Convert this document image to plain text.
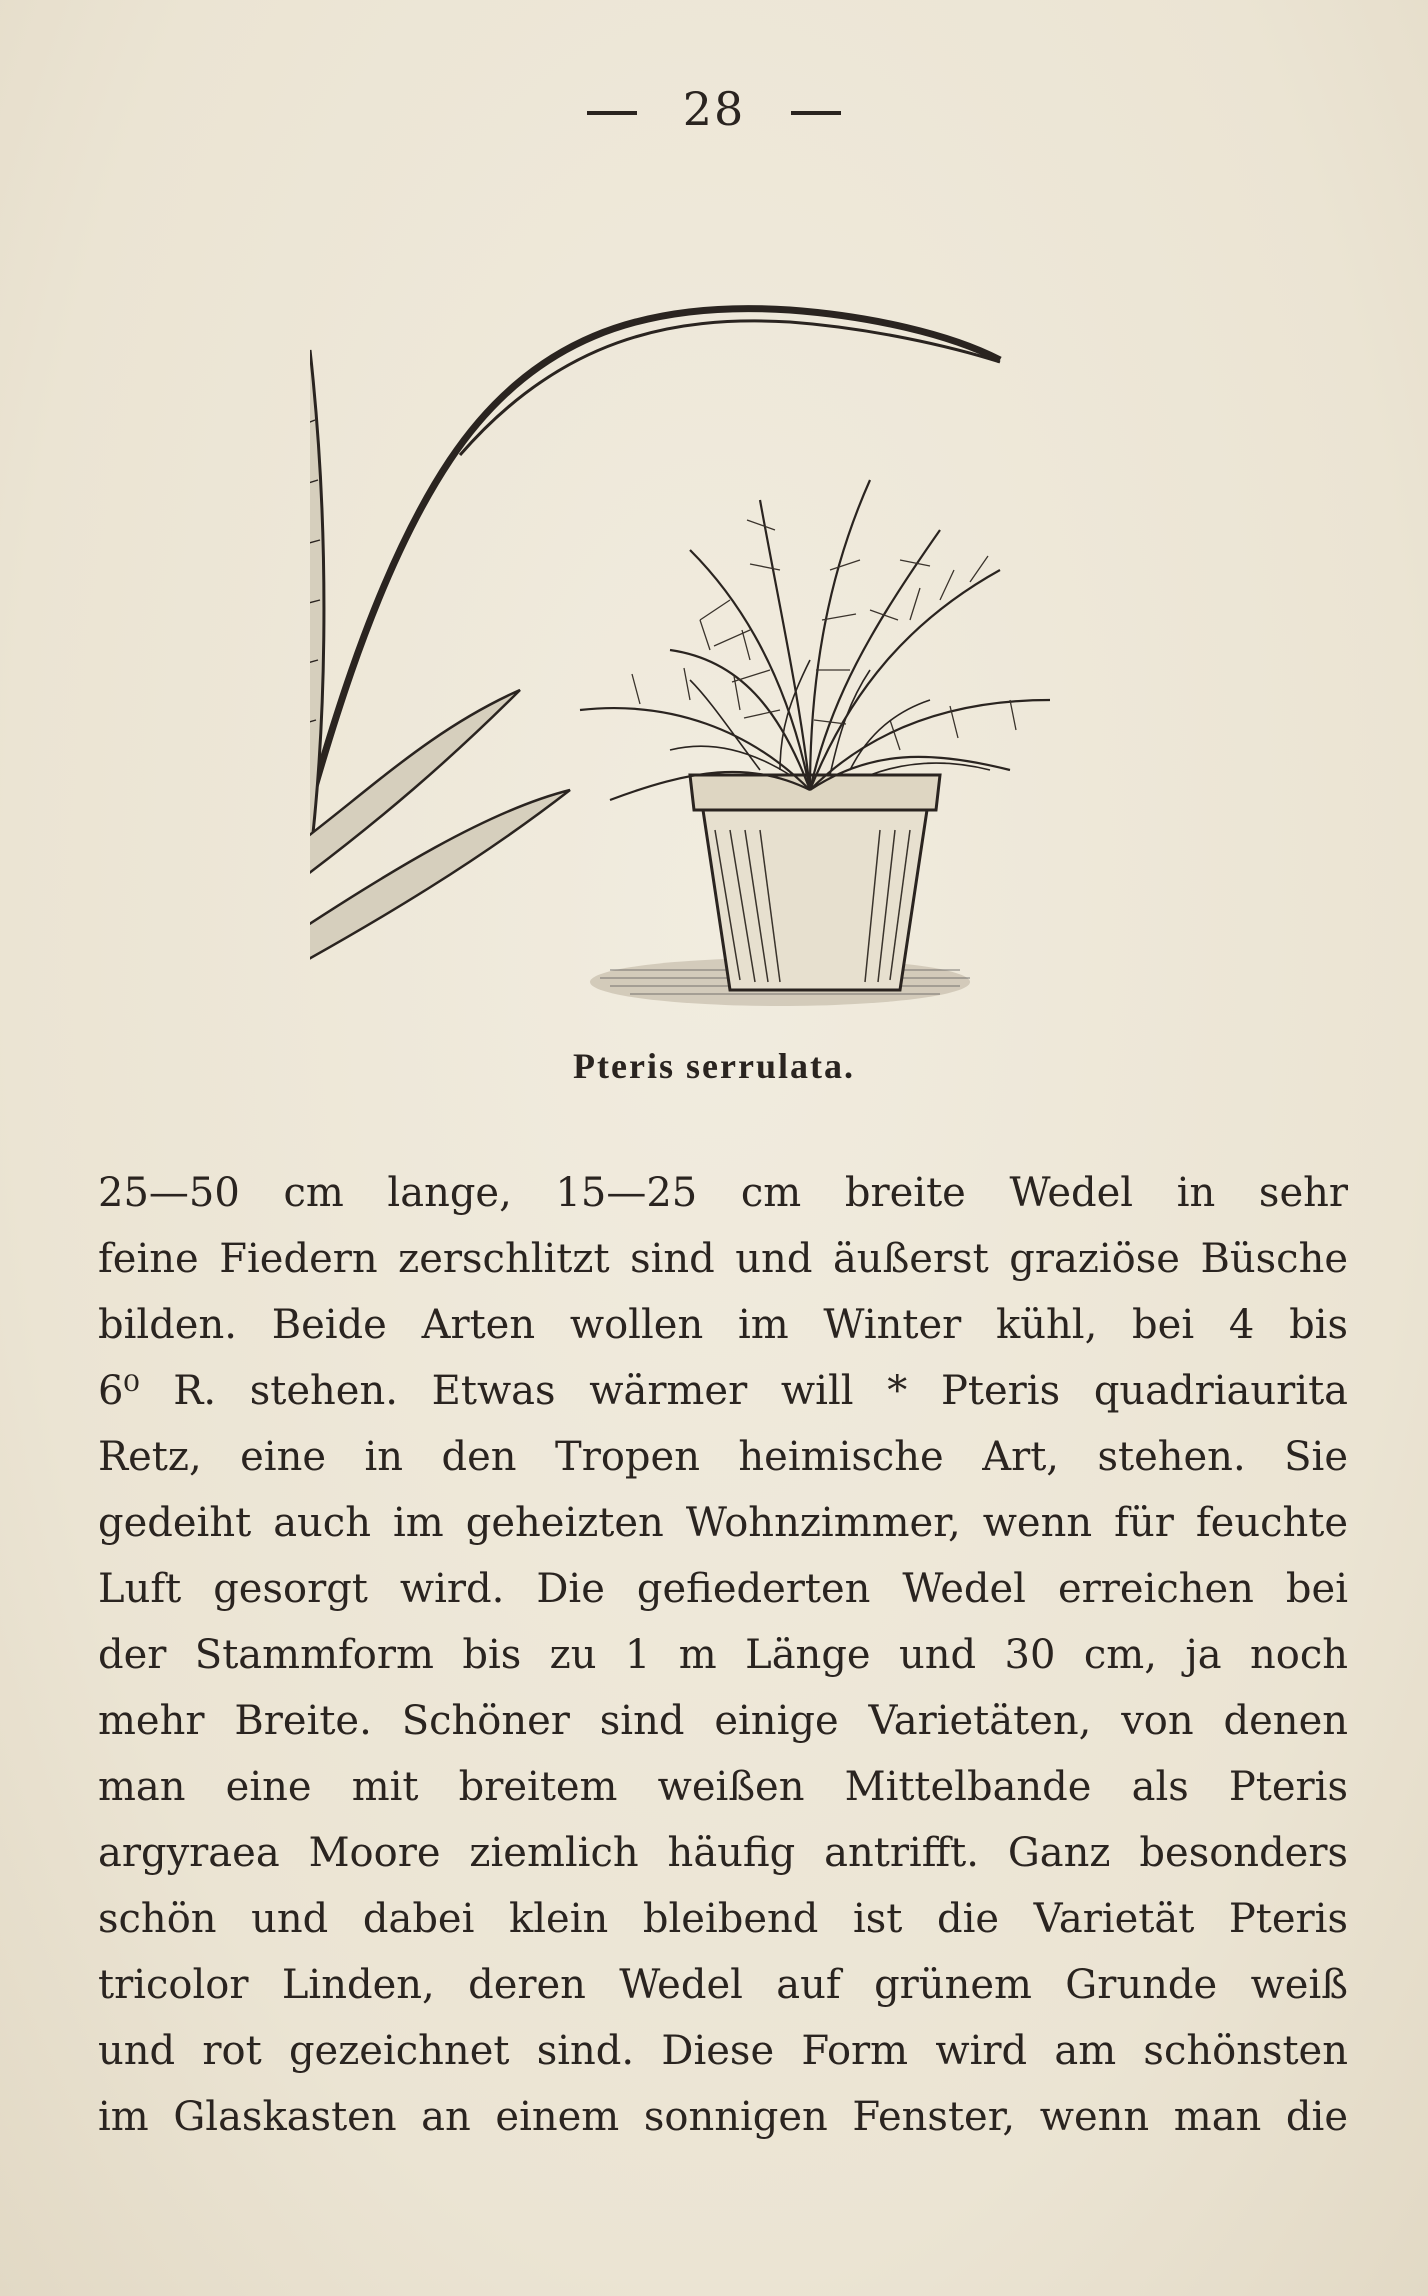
28
Pteris serrulata.
25—50 cm lange, 15—25 cm breite Wedel in sehr
feine Fiedern zerschlitzt sind und äußerst graziöse Büsche
bilden. Beide Arten wollen im Winter kühl, bei 4 bis
6⁰ R. stehen. Etwas wärmer will * Pteris quadriaurita
Retz, eine in den Tropen heimische Art, stehen. Sie
gedeiht auch im geheizten Wohnzimmer, wenn für feuchte
Luft gesorgt wird. Die gefiederten Wedel erreichen bei
der Stammform bis zu 1 m Länge und 30 cm, ja noch
mehr Breite. Schöner sind einige Varietäten, von denen
man eine mit breitem weißen Mittelbande als Pteris
argyraea Moore ziemlich häufig antrifft. Ganz besonders
schön und dabei klein bleibend ist die Varietät Pteris
tricolor Linden, deren Wedel auf grünem Grunde weiß
und rot gezeichnet sind. Diese Form wird am schönsten
im Glaskasten an einem sonnigen Fenster, wenn man die
